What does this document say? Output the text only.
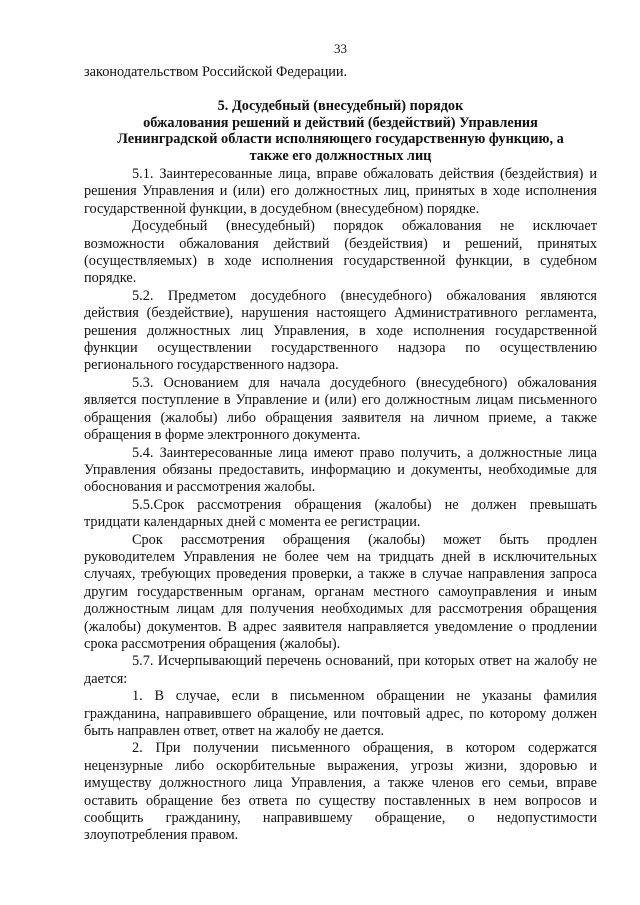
33
законодательством Российской Федерации.
5. Досудебный (внесудебный) порядок
обжалования решений и действий (бездействий) Управления
Ленинградской области исполняющего государственную функцию, а
также его должностных лиц

5.1. Заинтересованные лица, вправе обжаловать действия (бездействия) и решения Управления и (или) его должностных лиц, принятых в ходе исполнения государственной функции, в досудебном (внесудебном) порядке.

Досудебный (внесудебный) порядок обжалования не исключает возможности обжалования действий (бездействия) и решений, принятых (осуществляемых) в ходе исполнения государственной функции, в судебном порядке.

5.2. Предметом досудебного (внесудебного) обжалования являются действия (бездействие), нарушения настоящего Административного регламента, решения должностных лиц Управления, в ходе исполнения государственной функции осуществлении государственного надзора по осуществлению регионального государственного надзора.

5.3. Основанием для начала досудебного (внесудебного) обжалования является поступление в Управление и (или) его должностным лицам письменного обращения (жалобы) либо обращения заявителя на личном приеме, а также обращения в форме электронного документа.

5.4. Заинтересованные лица имеют право получить, а должностные лица Управления обязаны предоставить, информацию и документы, необходимые для обоснования и рассмотрения жалобы.

5.5.Срок рассмотрения обращения (жалобы) не должен превышать тридцати календарных дней с момента ее регистрации.

Срок рассмотрения обращения (жалобы) может быть продлен руководителем Управления не более чем на тридцать дней в исключительных случаях, требующих проведения проверки, а также в случае направления запроса другим государственным органам, органам местного самоуправления и иным должностным лицам для получения необходимых для рассмотрения обращения (жалобы) документов. В адрес заявителя направляется уведомление о продлении срока рассмотрения обращения (жалобы).

5.7. Исчерпывающий перечень оснований, при которых ответ на жалобу не дается:

1. В случае, если в письменном обращении не указаны фамилия гражданина, направившего обращение, или почтовый адрес, по которому должен быть направлен ответ, ответ на жалобу не дается.

2. При получении письменного обращения, в котором содержатся нецензурные либо оскорбительные выражения, угрозы жизни, здоровью и имуществу должностного лица Управления, а также членов его семьи, вправе оставить обращение без ответа по существу поставленных в нем вопросов и сообщить гражданину, направившему обращение, о недопустимости злоупотребления правом.
